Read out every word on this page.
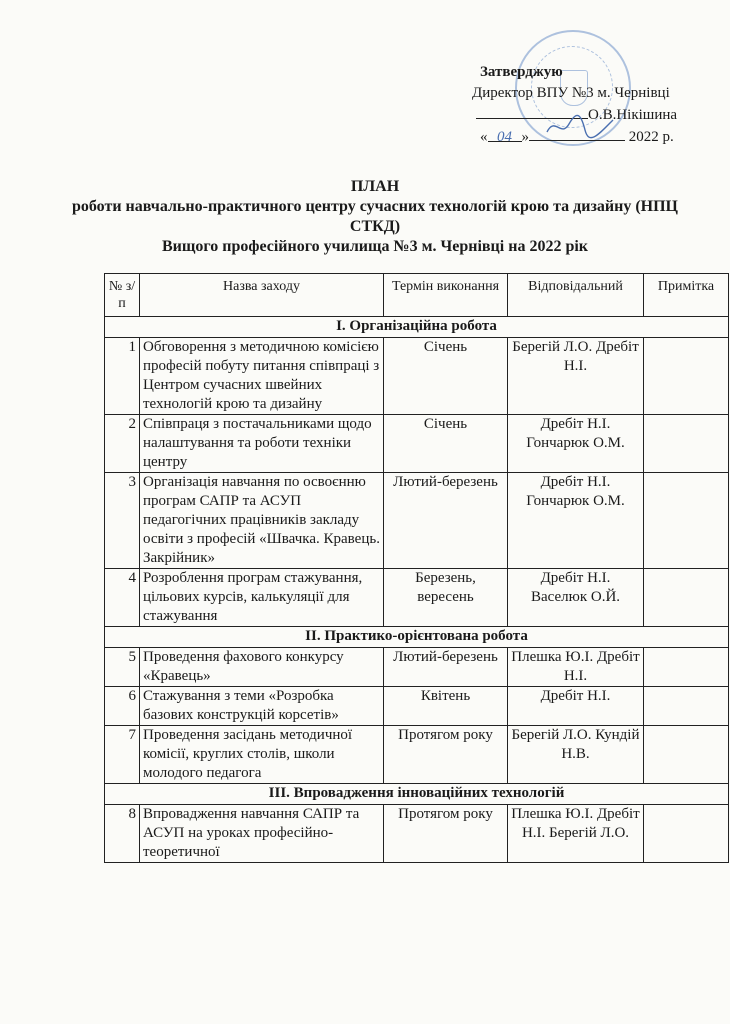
Затверджую
Директор ВПУ №3 м. Чернівці
О.В.Нікішина
« 04 »	2022 р.
ПЛАН
роботи навчально-практичного центру сучасних технологій крою та дизайну (НПЦ СТКД)
Вищого професійного училища №3 м. Чернівці на 2022 рік
№ з/п	Назва заходу	Термін виконання	Відповідальний	Примітка
І. Організаційна робота				
1	Обговорення з методичною комісією професій побуту питання співпраці з Центром сучасних швейних технологій крою та дизайну	Січень	Берегій Л.О. Дребіт Н.І.	
2	Співпраця з постачальниками щодо налаштування та роботи техніки центру	Січень	Дребіт Н.І. Гончарюк О.М.	
3	Організація навчання по освоєнню програм САПР та АСУП педагогічних працівників закладу освіти з професій «Швачка. Кравець. Закрійник»	Лютий-березень	Дребіт Н.І. Гончарюк О.М.	
4	Розроблення програм стажування, цільових курсів, калькуляції для стажування	Березень, вересень	Дребіт Н.І. Васелюк О.Й.	
ІІ. Практико-орієнтована робота				
5	Проведення фахового конкурсу «Кравець»	Лютий-березень	Плешка Ю.І. Дребіт Н.І.	
6	Стажування з теми «Розробка базових конструкцій корсетів»	Квітень	Дребіт Н.І.	
7	Проведення засідань методичної комісії, круглих столів, школи молодого педагога	Протягом року	Берегій Л.О. Кундій Н.В.	
ІІІ. Впровадження інноваційних технологій				
8	Впровадження навчання САПР та АСУП на уроках професійно-теоретичної	Протягом року	Плешка Ю.І. Дребіт Н.І. Берегій Л.О.	
